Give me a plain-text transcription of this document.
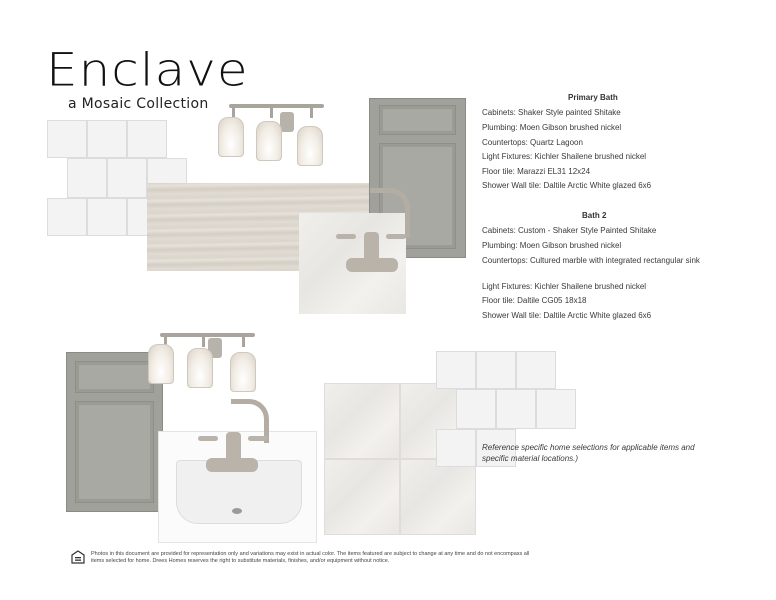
Enclave
a Mosaic Collection	Primary Bath
Cabinets: Shaker Style painted Shitake
Plumbing: Moen Gibson brushed nickel
Countertops: Quartz Lagoon
Light Fixtures: Kichler Shailene brushed nickel
Floor tile: Marazzi EL31 12x24
Shower Wall tile: Daltile Arctic White glazed 6x6
Bath 2
Cabinets: Custom - Shaker Style Painted Shitake
Plumbing: Moen Gibson brushed nickel
Countertops: Cultured marble with integrated rectangular sink
Light Fixtures: Kichler Shailene brushed nickel
Floor tile: Daltile CG05 18x18
Shower Wall tile: Daltile Arctic White glazed 6x6
Reference specific home selections for applicable items and specific material locations.)
Photos in this document are provided for representation only and variations may exist in actual color. The items featured are subject to change at any time and do not encompass all items selected for home. Drees Homes reserves the right to substitute materials, finishes, and/or equipment without notice.
